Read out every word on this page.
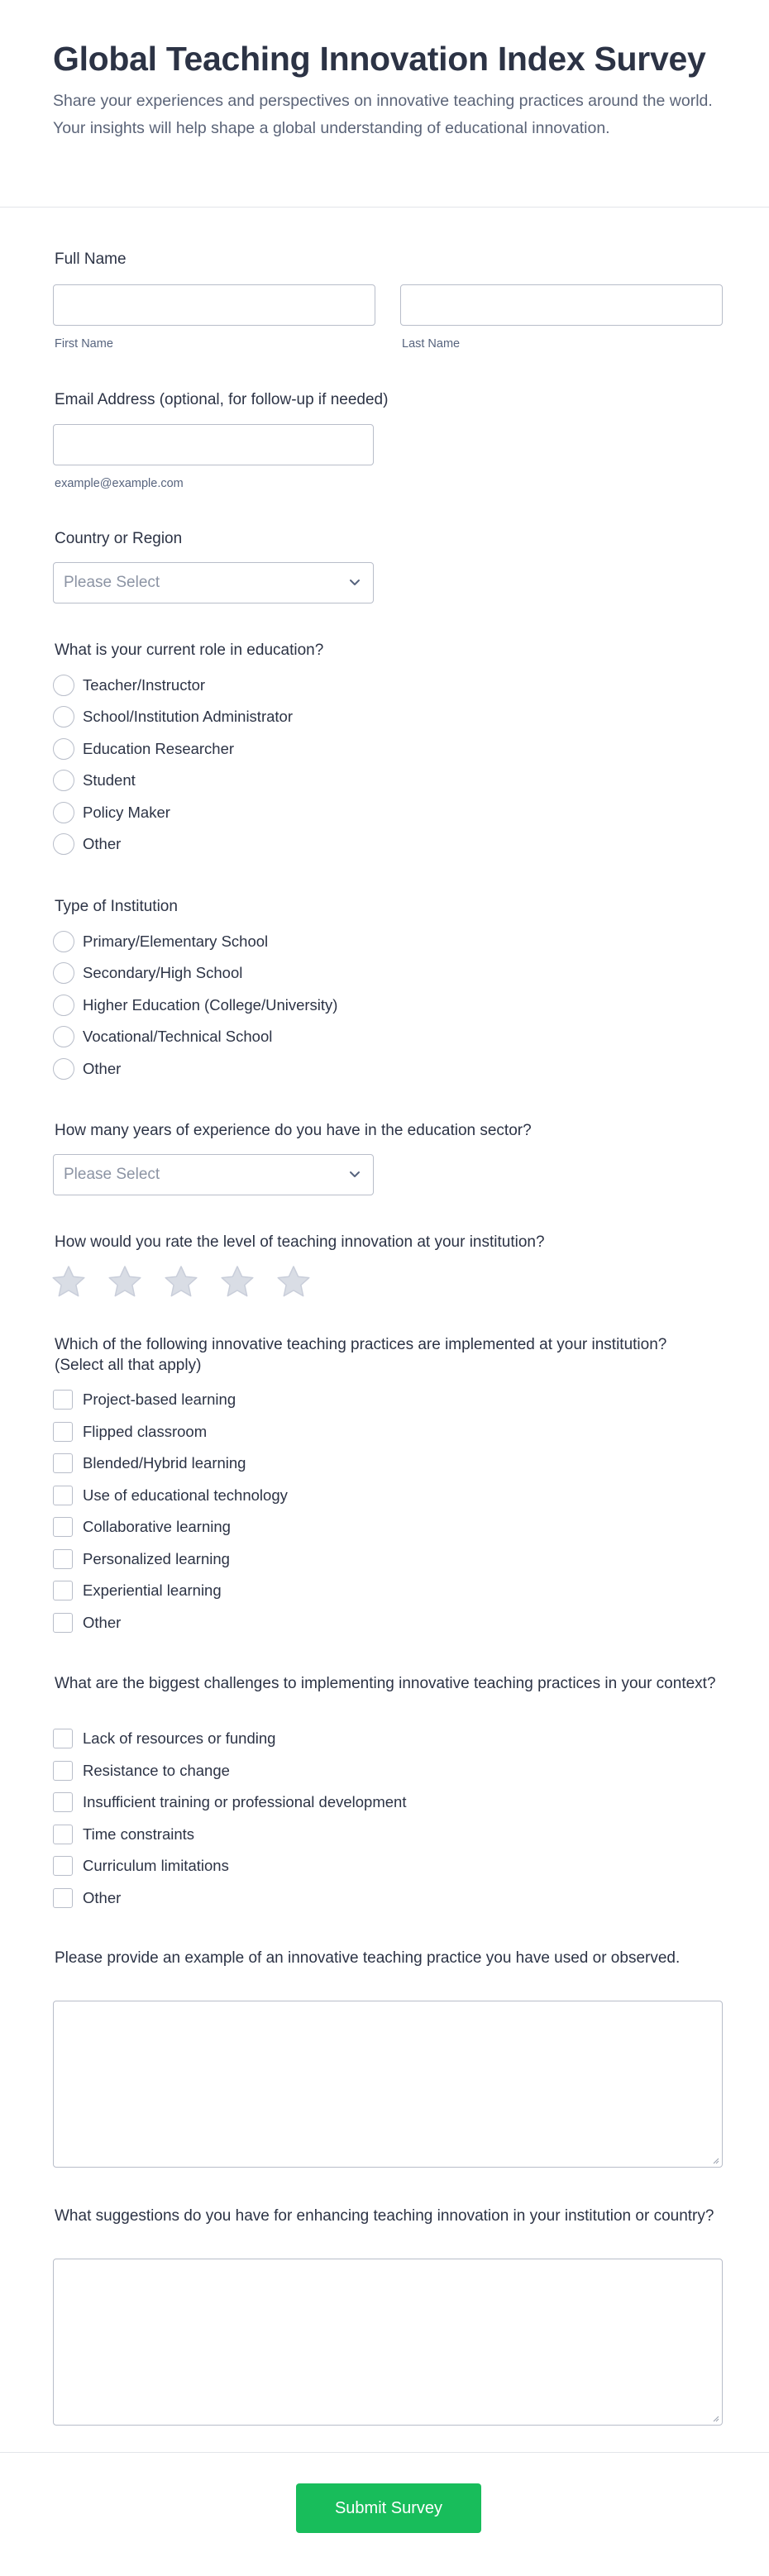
Global Teaching Innovation Index Survey

Share your experiences and perspectives on innovative teaching practices around the world. Your insights will help shape a global understanding of educational innovation.

Full Name
First Name	Last Name
Email Address (optional, for follow-up if needed)
example@example.com
Country or Region
Please Select
What is your current role in education?
Teacher/Instructor
School/Institution Administrator
Education Researcher
Student
Policy Maker
Other
Type of Institution
Primary/Elementary School
Secondary/High School
Higher Education (College/University)
Vocational/Technical School
Other
How many years of experience do you have in the education sector?
Please Select
How would you rate the level of teaching innovation at your institution?
Which of the following innovative teaching practices are implemented at your institution? (Select all that apply)
Project-based learning
Flipped classroom
Blended/Hybrid learning
Use of educational technology
Collaborative learning
Personalized learning
Experiential learning
Other
What are the biggest challenges to implementing innovative teaching practices in your context?
Lack of resources or funding
Resistance to change
Insufficient training or professional development
Time constraints
Curriculum limitations
Other
Please provide an example of an innovative teaching practice you have used or observed.
What suggestions do you have for enhancing teaching innovation in your institution or country?
Submit Survey
